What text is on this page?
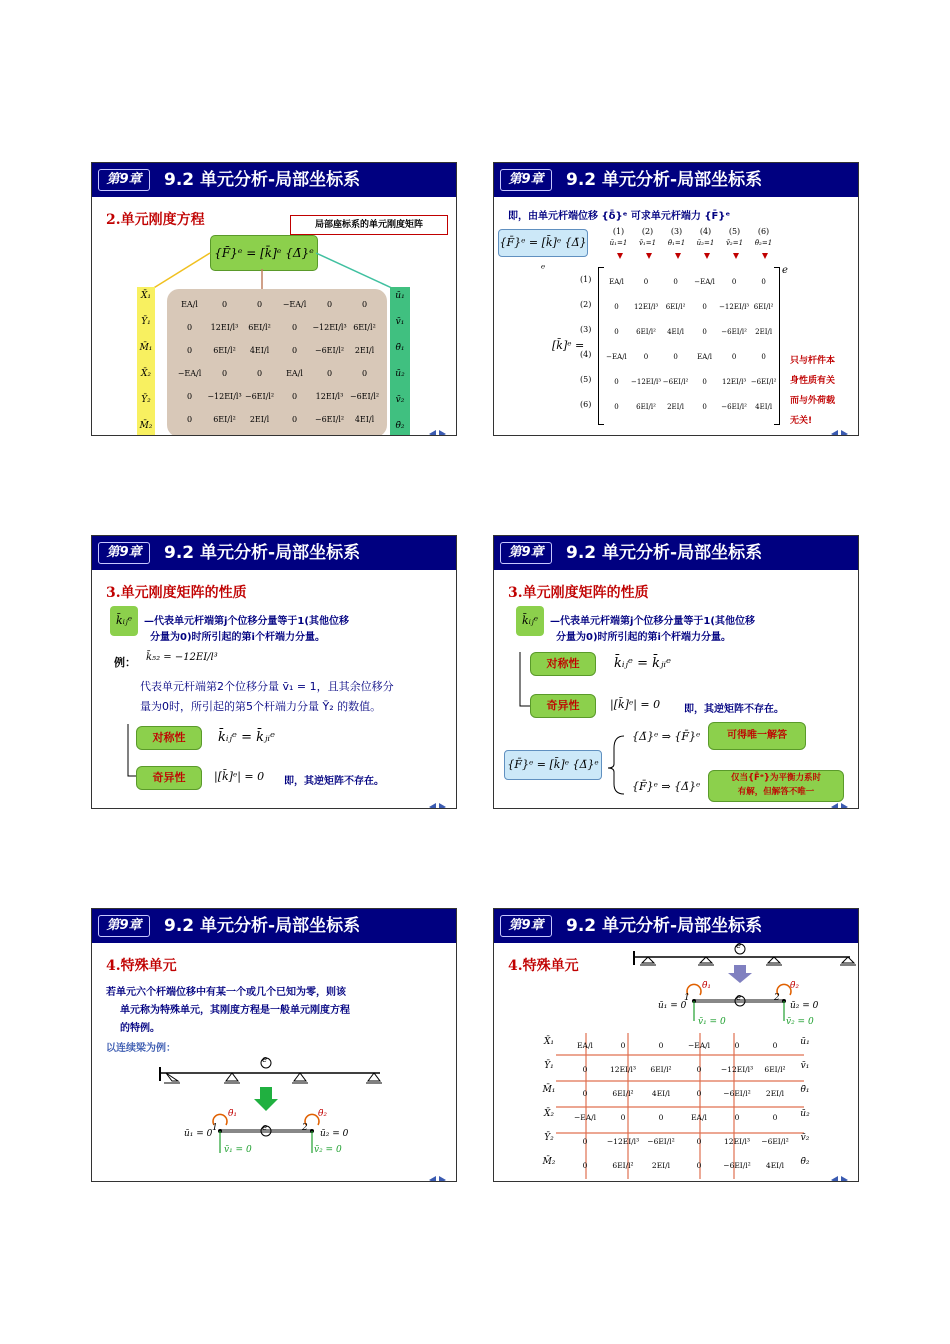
第9章	9.2 单元分析-局部坐标系
2.单元刚度方程	局部座标系的单元刚度矩阵
{F̄}ᵉ = [k̄]ᵉ {Δ̄}ᵉ
X̄₁
Ȳ₁
M̄₁
X̄₂
Ȳ₂
M̄₂
ū₁
v̄₁
θ̄₁
ū₂
v̄₂
θ̄₂
EA/l	0	0	−EA/l	0	0
0	12EI/l³	6EI/l²	0	−12EI/l³	6EI/l²
0	6EI/l²	4EI/l	0	−6EI/l²	2EI/l
−EA/l	0	0	EA/l	0	0
0	−12EI/l³	−6EI/l²	0	12EI/l³	−6EI/l²
0	6EI/l²	2EI/l	0	−6EI/l²	4EI/l
第9章	9.2 单元分析-局部坐标系
即，由单元杆端位移 {δ̄}ᵉ 可求单元杆端力 {F̄}ᵉ
{F̄}ᵉ = [k̄]ᵉ {Δ̄}ᵉ
(1)
ū₁=1
(2)
v̄₁=1
(3)
θ̄₁=1
(4)
ū₂=1
(5)
v̄₂=1
(6)
θ̄₂=1
(1)
(2)
(3)
(4)
(5)
(6)
[k̄]ᵉ =
e
EA/l	0	0	−EA/l	0	0
0	12EI/l³	6EI/l²	0	−12EI/l³	6EI/l²
0	6EI/l²	4EI/l	0	−6EI/l²	2EI/l
−EA/l	0	0	EA/l	0	0
0	−12EI/l³	−6EI/l²	0	12EI/l³	−6EI/l²
0	6EI/l²	2EI/l	0	−6EI/l²	4EI/l
只与杆件本
身性质有关
而与外荷载
无关!
第9章	9.2 单元分析-局部坐标系
3.单元刚度矩阵的性质
k̄ᵢⱼᵉ	—代表单元杆端第j个位移分量等于1(其他位移
分量为0)时所引起的第i个杆端力分量。
例： k̄₅₂ = −12EI/l³
代表单元杆端第2个位移分量 v̄₁ = 1，且其余位移分
量为0时，所引起的第5个杆端力分量 Ȳ₂ 的数值。
对称性	k̄ᵢⱼᵉ = k̄ⱼᵢᵉ
奇异性	|[k̄]ᵉ| = 0 即，其逆矩阵不存在。
第9章	9.2 单元分析-局部坐标系
3.单元刚度矩阵的性质
k̄ᵢⱼᵉ	—代表单元杆端第j个位移分量等于1(其他位移
分量为0)时所引起的第i个杆端力分量。
对称性	k̄ᵢⱼᵉ = k̄ⱼᵢᵉ
奇异性	|[k̄]ᵉ| = 0 即，其逆矩阵不存在。
{F̄}ᵉ = [k̄]ᵉ {Δ̄}ᵉ
{Δ̄}ᵉ ⇒ {F̄}ᵉ	可得唯一解答
{F̄}ᵉ ⇒ {Δ̄}ᵉ
仅当{F̄ᵉ}为平衡力系时
有解，但解答不唯一
第9章	9.2 单元分析-局部坐标系
4.特殊单元
若单元六个杆端位移中有某一个或几个已知为零，则该
单元称为特殊单元，其刚度方程是一般单元刚度方程
的特例。
以连续梁为例：
e
e
θ̄₁	θ̄₂
ū₁ = 0	ū₂ = 0
v̄₁ = 0	v̄₂ = 0
1	2
第9章	9.2 单元分析-局部坐标系
4.特殊单元
e
e
θ̄₁	θ̄₂
ū₁ = 0	ū₂ = 0
v̄₁ = 0	v̄₂ = 0
1	2
X̄₁
Ȳ₁
M̄₁
X̄₂
Ȳ₂
M̄₂
ū₁
v̄₁
θ̄₁
ū₂
v̄₂
θ̄₂
EA/l	0	0	−EA/l	0	0
0	12EI/l³	6EI/l²	0	−12EI/l³	6EI/l²
0	6EI/l²	4EI/l	0	−6EI/l²	2EI/l
−EA/l	0	0	EA/l	0	0
0	−12EI/l³	−6EI/l²	0	12EI/l³	−6EI/l²
0	6EI/l²	2EI/l	0	−6EI/l²	4EI/l
